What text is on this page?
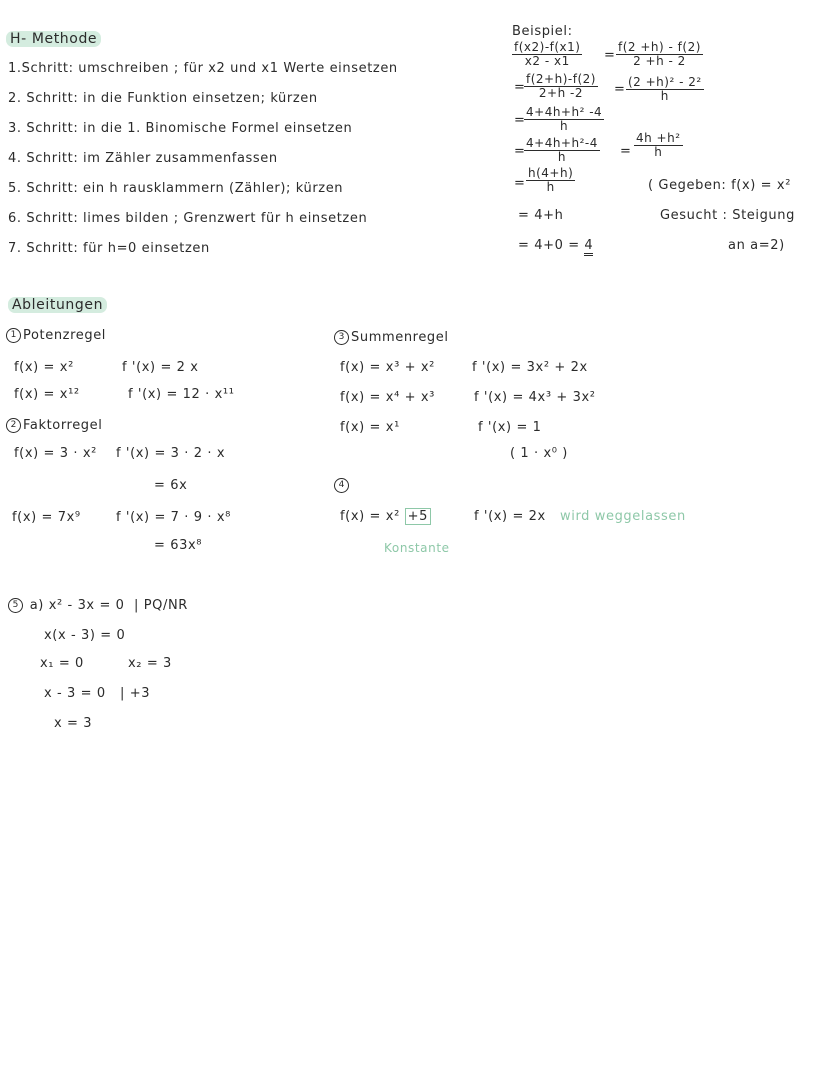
H- Methode
1.Schritt: umschreiben ; für x2 und x1 Werte einsetzen
2. Schritt: in die Funktion einsetzen; kürzen
3. Schritt: in die 1. Binomische Formel einsetzen
4. Schritt: im Zähler zusammenfassen
5. Schritt: ein h rausklammern (Zähler); kürzen
6. Schritt: limes bilden ; Grenzwert für h einsetzen
7. Schritt: für h=0 einsetzen
Beispiel:
$\frac{f(x2)-f(x1)}{x2 - x1} = \frac{f(2 +h) - f(2)}{2 +h - 2}$
=
$\frac{f(2+h)-f(2)}{2+h -2} = \frac{\text{(2 +h)² - 2²}}{h}$
=
$\frac{\text{4+4h+h² -4}}{h}$
=
$\frac{\text{4+4h+h²-4}}{h} = \frac{\text{4h +h²}}{h}$
= $\frac{h(4+h)}{h}$
= 4+h
= 4+0 = 4
( Gegeben: f(x) = x²
Gesucht : Steigung
an a=2)
Ableitungen
1 Potenzregel
f(x) = x²	f '(x) = 2 x
f(x) = x¹²	f '(x) = 12 · x¹¹
2 Faktorregel
f(x) = 3 · x² f '(x) = 3 · 2 · x
= 6x
f(x) = 7x⁹	f '(x) = 7 · 9 · x⁸
= 63x⁸
3 Summenregel
f(x) = x³ + x²	f '(x) = 3x² + 2x
f(x) = x⁴ + x³	f '(x) = 4x³ + 3x²
f(x) = x¹	f '(x) = 1
( 1 · x⁰ )
4
f(x) = x² +5	f '(x) = 2x wird weggelassen
Konstante
5 a) x² - 3x = 0 | PQ/NR
x(x - 3) = 0
x₁ = 0	x₂ = 3
x - 3 = 0 | +3
x = 3
